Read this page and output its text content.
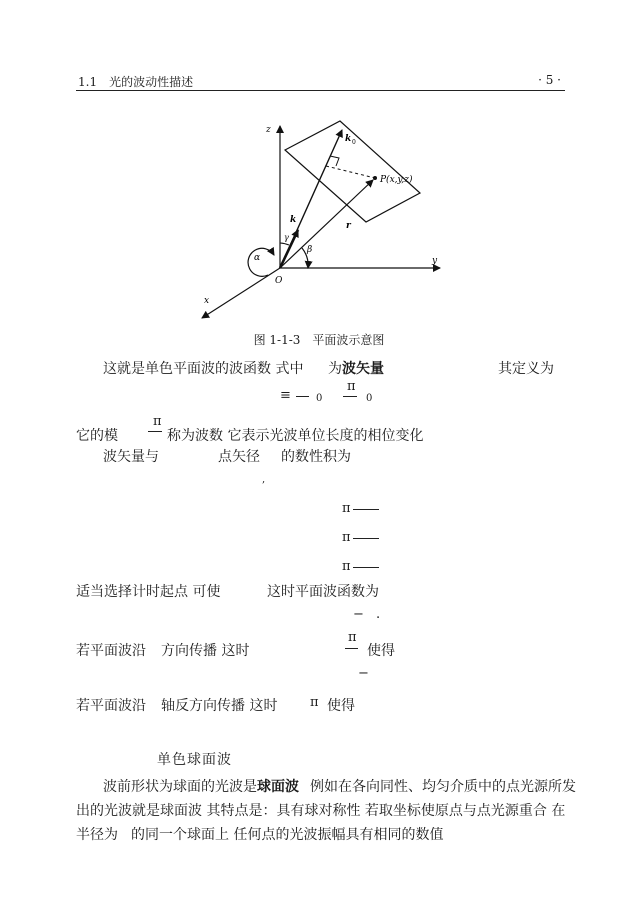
1.1　光的波动性描述	· 5 ·
z
y
x
O
α
β
γ
k
k 0
r
P(x,y,z)
图 1-1-3　平面波示意图
这就是单色平面波的波函数 式中 为 波矢量	其定义为
≡	0
π
0
它的模
π
称为波数 它表示光波单位长度的相位变化
波矢量与	点矢径 的数性积为
,
π
π
π
适当选择计时起点 可使	这时平面波函数为
− .
若平面波沿 方向传播 这时
π
使得
−
若平面波沿 轴反方向传播 这时	π 使得
单色球面波
波前形状为球面的光波是 球面波 例如在各向同性、均匀介质中的点光源所发
出的光波就是球面波 其特点是：具有球对称性 若取坐标使原点与点光源重合 在
半径为 的同一个球面上 任何点的光波振幅具有相同的数值
